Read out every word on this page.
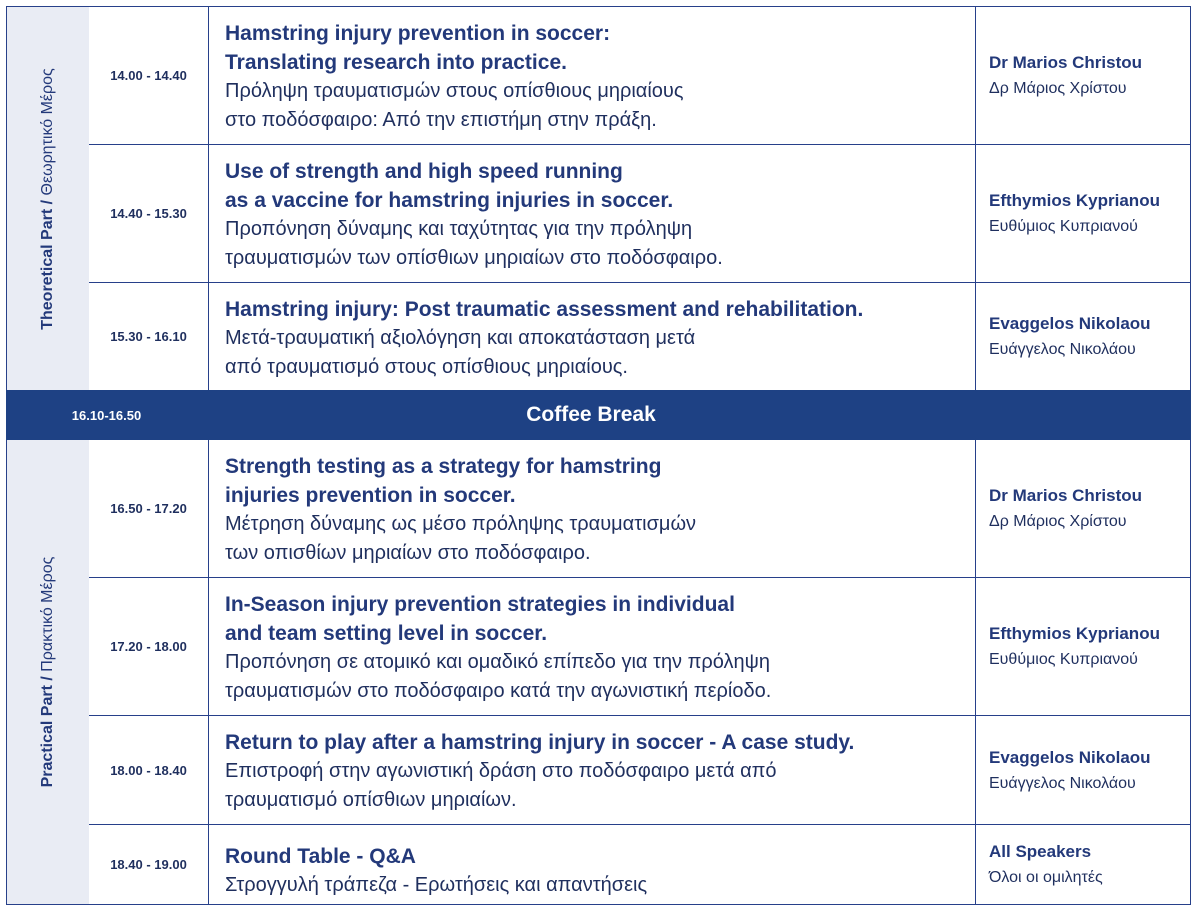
Theoretical Part / Θεωρητικό Μέρος	14.00 - 14.40
Hamstring injury prevention in soccer:
Translating research into practice.
Πρόληψη τραυματισμών στους οπίσθιους μηριαίους
στο ποδόσφαιρο: Από την επιστήμη στην πράξη.
Dr Marios Christou
Δρ Μάριος Χρίστου
14.40 - 15.30
Use of strength and high speed running
as a vaccine for hamstring injuries in soccer.
Προπόνηση δύναμης και ταχύτητας για την πρόληψη
τραυματισμών των οπίσθιων μηριαίων στο ποδόσφαιρο.
Efthymios Kyprianou
Ευθύμιος Κυπριανού
15.30 - 16.10
Hamstring injury: Post traumatic assessment and rehabilitation.
Μετά-τραυματική αξιολόγηση και αποκατάσταση μετά
από τραυματισμό στους οπίσθιους μηριαίους.
Evaggelos Nikolaou
Ευάγγελος Νικολάου
16.10-16.50	Coffee Break
Practical Part / Πρακτικό Μέρος
16.50 - 17.20
Strength testing as a strategy for hamstring
injuries prevention in soccer.
Μέτρηση δύναμης ως μέσο πρόληψης τραυματισμών
των οπισθίων μηριαίων στο ποδόσφαιρο.
Dr Marios Christou
Δρ Μάριος Χρίστου
17.20 - 18.00
In-Season injury prevention strategies in individual
and team setting level in soccer.
Προπόνηση σε ατομικό και ομαδικό επίπεδο για την πρόληψη
τραυματισμών στο ποδόσφαιρο κατά την αγωνιστική περίοδο.
Efthymios Kyprianou
Ευθύμιος Κυπριανού
18.00 - 18.40
Return to play after a hamstring injury in soccer - A case study.
Επιστροφή στην αγωνιστική δράση στο ποδόσφαιρο μετά από
τραυματισμό οπίσθιων μηριαίων.
Evaggelos Nikolaou
Ευάγγελος Νικολάου
18.40 - 19.00	Round Table - Q&A
Στρογγυλή τράπεζα - Ερωτήσεις και απαντήσεις
All Speakers
Όλοι οι ομιλητές
